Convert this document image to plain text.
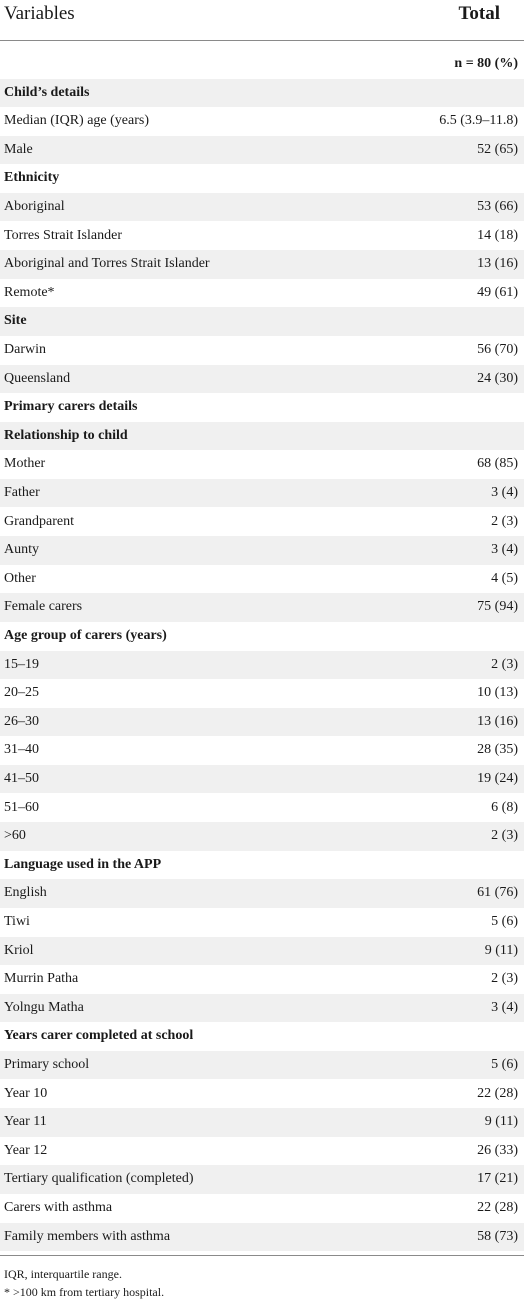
Variables	Total
n = 80 (%)
Child’s details
Median (IQR) age (years)	6.5 (3.9–11.8)
Male	52 (65)
Ethnicity
Aboriginal	53 (66)
Torres Strait Islander	14 (18)
Aboriginal and Torres Strait Islander	13 (16)
Remote*	49 (61)
Site
Darwin	56 (70)
Queensland	24 (30)
Primary carers details
Relationship to child
Mother	68 (85)
Father	3 (4)
Grandparent	2 (3)
Aunty	3 (4)
Other	4 (5)
Female carers	75 (94)
Age group of carers (years)
15–19	2 (3)
20–25	10 (13)
26–30	13 (16)
31–40	28 (35)
41–50	19 (24)
51–60	6 (8)
>60	2 (3)
Language used in the APP
English	61 (76)
Tiwi	5 (6)
Kriol	9 (11)
Murrin Patha	2 (3)
Yolngu Matha	3 (4)
Years carer completed at school
Primary school	5 (6)
Year 10	22 (28)
Year 11	9 (11)
Year 12	26 (33)
Tertiary qualification (completed)	17 (21)
Carers with asthma	22 (28)
Family members with asthma	58 (73)
IQR, interquartile range.
* >100 km from tertiary hospital.
